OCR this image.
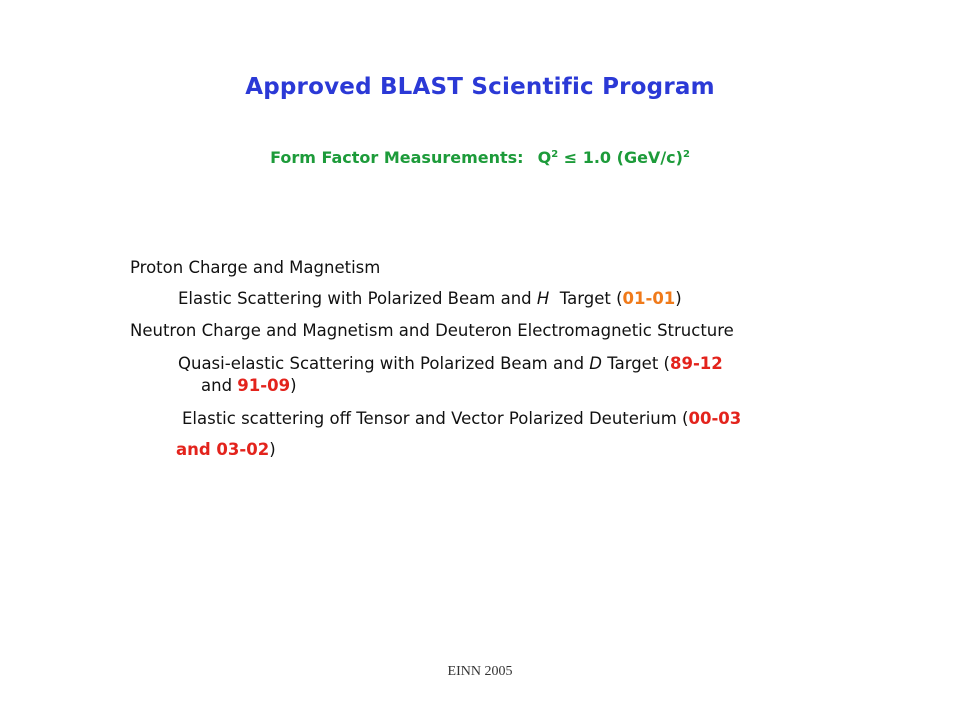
Approved BLAST Scientific Program
Form Factor Measurements: $Q^2 \le 1.0$ $(GeV/c)^2$
Proton Charge and Magnetism
Elastic Scattering with Polarized Beam and H  Target (01-01)
Neutron Charge and Magnetism and Deuteron Electromagnetic Structure
Quasi-elastic Scattering with Polarized Beam and D Target (89-12
and 91-09)
Elastic scattering off Tensor and Vector Polarized Deuterium (00-03
and 03-02)
EINN 2005
